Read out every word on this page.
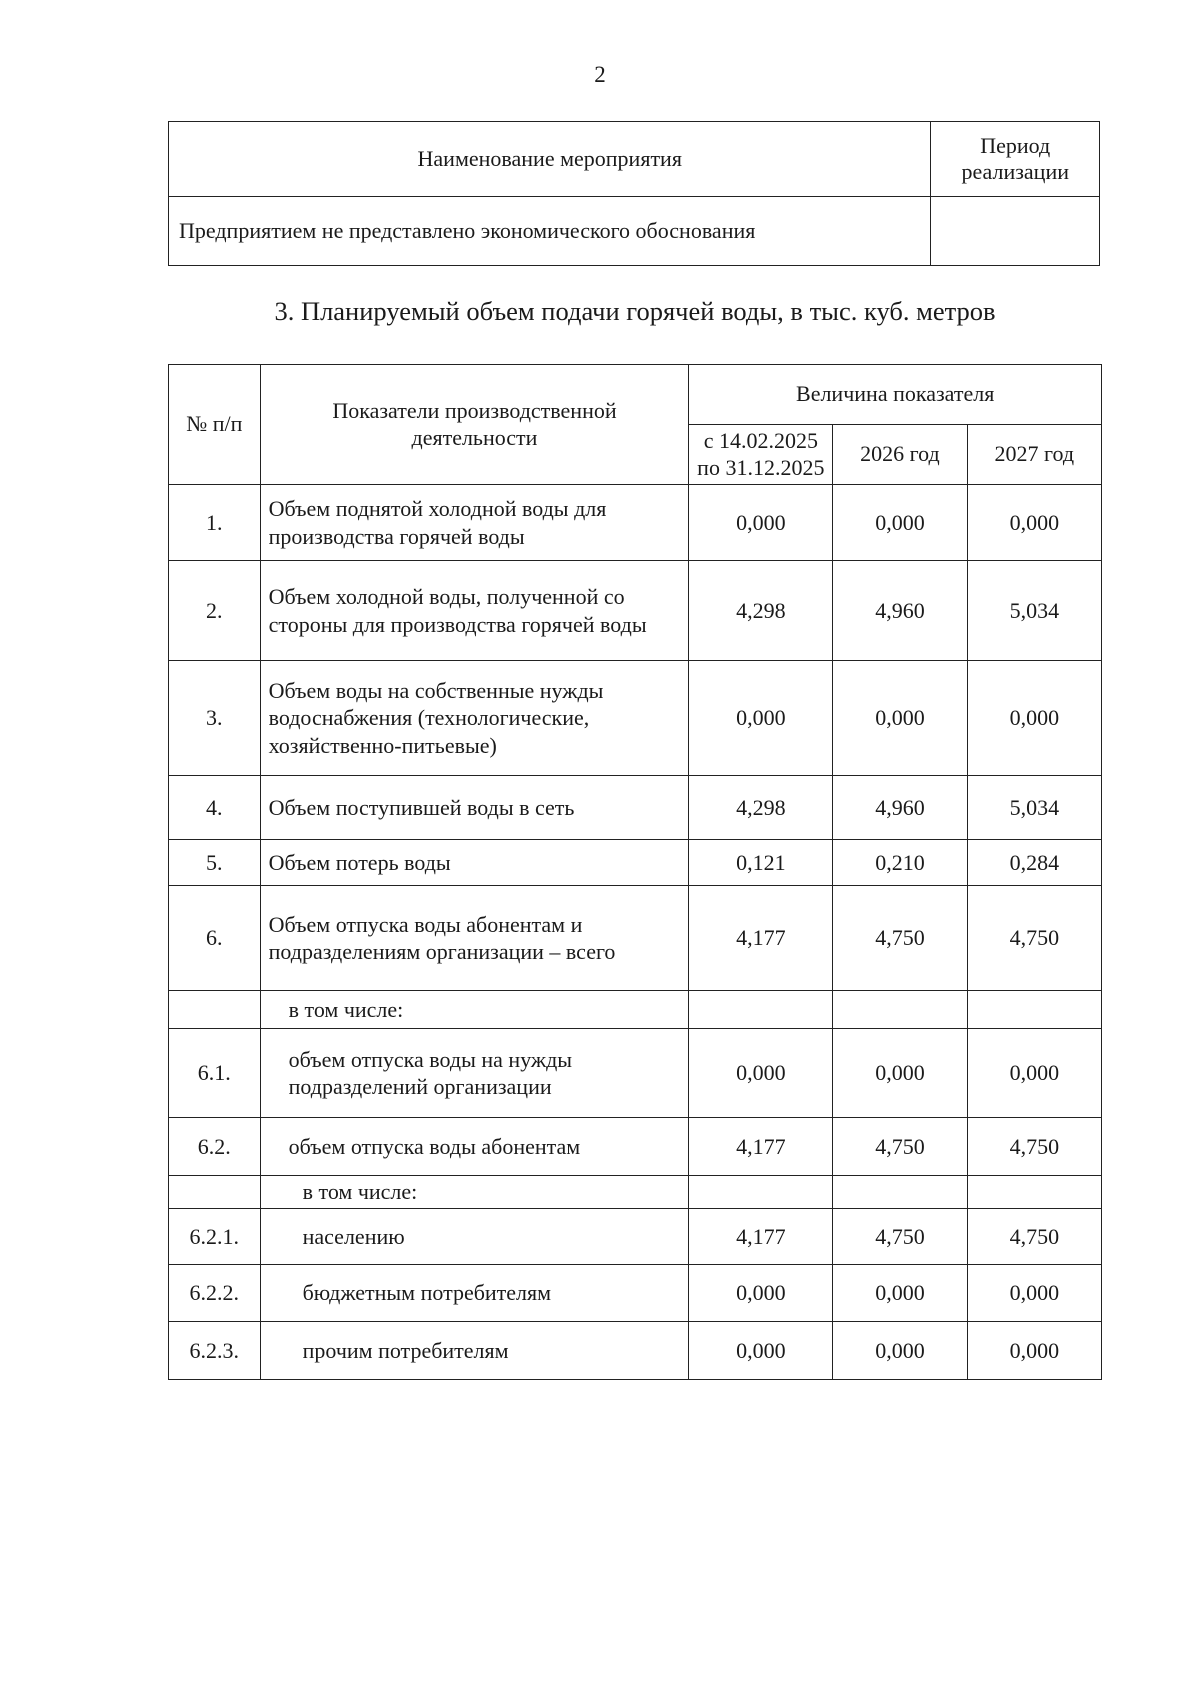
2
Наименование мероприятия	Период реализации
Предприятием не представлено экономического обоснования	
3. Планируемый объем подачи горячей воды, в тыс. куб. метров
№ п/п	Показатели производственной деятельности	Величина показателя		
		с 14.02.2025 по 31.12.2025	2026 год	2027 год
1.	Объем поднятой холодной воды для производства горячей воды	0,000	0,000	0,000
2.	Объем холодной воды, полученной со стороны для производства горячей воды	4,298	4,960	5,034
3.	Объем воды на собственные нужды водоснабжения (технологические, хозяйственно-питьевые)	0,000	0,000	0,000
4.	Объем поступившей воды в сеть	4,298	4,960	5,034
5.	Объем потерь воды	0,121	0,210	0,284
6.	Объем отпуска воды абонентам и подразделениям организации – всего	4,177	4,750	4,750
	в том числе:			
6.1.	объем отпуска воды на нужды подразделений организации	0,000	0,000	0,000
6.2.	объем отпуска воды абонентам	4,177	4,750	4,750
	в том числе:			
6.2.1.	населению	4,177	4,750	4,750
6.2.2.	бюджетным потребителям	0,000	0,000	0,000
6.2.3.	прочим потребителям	0,000	0,000	0,000
